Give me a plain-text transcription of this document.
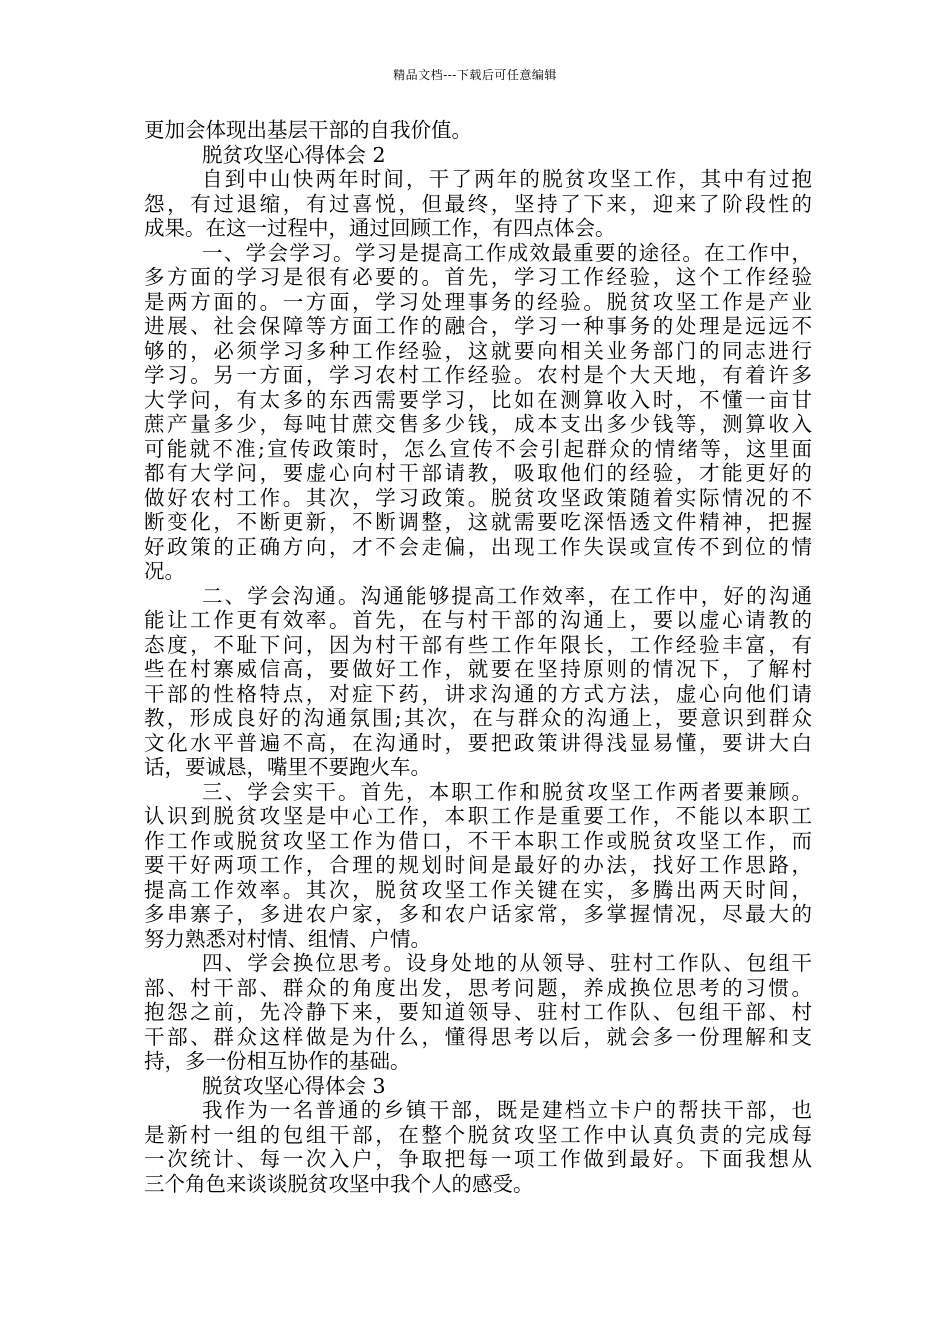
精品文档---下载后可任意编辑
更加会体现出基层干部的自我价值。
脱贫攻坚心得体会 2
自到中山快两年时间，干了两年的脱贫攻坚工作，其中有过抱
怨，有过退缩，有过喜悦，但最终，坚持了下来，迎来了阶段性的
成果。在这一过程中，通过回顾工作，有四点体会。
一、学会学习。学习是提高工作成效最重要的途径。在工作中，
多方面的学习是很有必要的。首先，学习工作经验，这个工作经验
是两方面的。一方面，学习处理事务的经验。脱贫攻坚工作是产业
进展、社会保障等方面工作的融合，学习一种事务的处理是远远不
够的，必须学习多种工作经验，这就要向相关业务部门的同志进行
学习。另一方面，学习农村工作经验。农村是个大天地，有着许多
大学问，有太多的东西需要学习，比如在测算收入时，不懂一亩甘
蔗产量多少，每吨甘蔗交售多少钱，成本支出多少钱等，测算收入
可能就不准;宣传政策时，怎么宣传不会引起群众的情绪等，这里面
都有大学问，要虚心向村干部请教，吸取他们的经验，才能更好的
做好农村工作。其次，学习政策。脱贫攻坚政策随着实际情况的不
断变化，不断更新，不断调整，这就需要吃深悟透文件精神，把握
好政策的正确方向，才不会走偏，出现工作失误或宣传不到位的情
况。
二、学会沟通。沟通能够提高工作效率，在工作中，好的沟通
能让工作更有效率。首先，在与村干部的沟通上，要以虚心请教的
态度，不耻下问，因为村干部有些工作年限长，工作经验丰富，有
些在村寨威信高，要做好工作，就要在坚持原则的情况下，了解村
干部的性格特点，对症下药，讲求沟通的方式方法，虚心向他们请
教，形成良好的沟通氛围;其次，在与群众的沟通上，要意识到群众
文化水平普遍不高，在沟通时，要把政策讲得浅显易懂，要讲大白
话，要诚恳，嘴里不要跑火车。
三、学会实干。首先，本职工作和脱贫攻坚工作两者要兼顾。
认识到脱贫攻坚是中心工作，本职工作是重要工作，不能以本职工
作工作或脱贫攻坚工作为借口，不干本职工作或脱贫攻坚工作，而
要干好两项工作，合理的规划时间是最好的办法，找好工作思路，
提高工作效率。其次，脱贫攻坚工作关键在实，多腾出两天时间，
多串寨子，多进农户家，多和农户话家常，多掌握情况，尽最大的
努力熟悉对村情、组情、户情。
四、学会换位思考。设身处地的从领导、驻村工作队、包组干
部、村干部、群众的角度出发，思考问题，养成换位思考的习惯。
抱怨之前，先冷静下来，要知道领导、驻村工作队、包组干部、村
干部、群众这样做是为什么，懂得思考以后，就会多一份理解和支
持，多一份相互协作的基础。
脱贫攻坚心得体会 3
我作为一名普通的乡镇干部，既是建档立卡户的帮扶干部，也
是新村一组的包组干部，在整个脱贫攻坚工作中认真负责的完成每
一次统计、每一次入户，争取把每一项工作做到最好。下面我想从
三个角色来谈谈脱贫攻坚中我个人的感受。
